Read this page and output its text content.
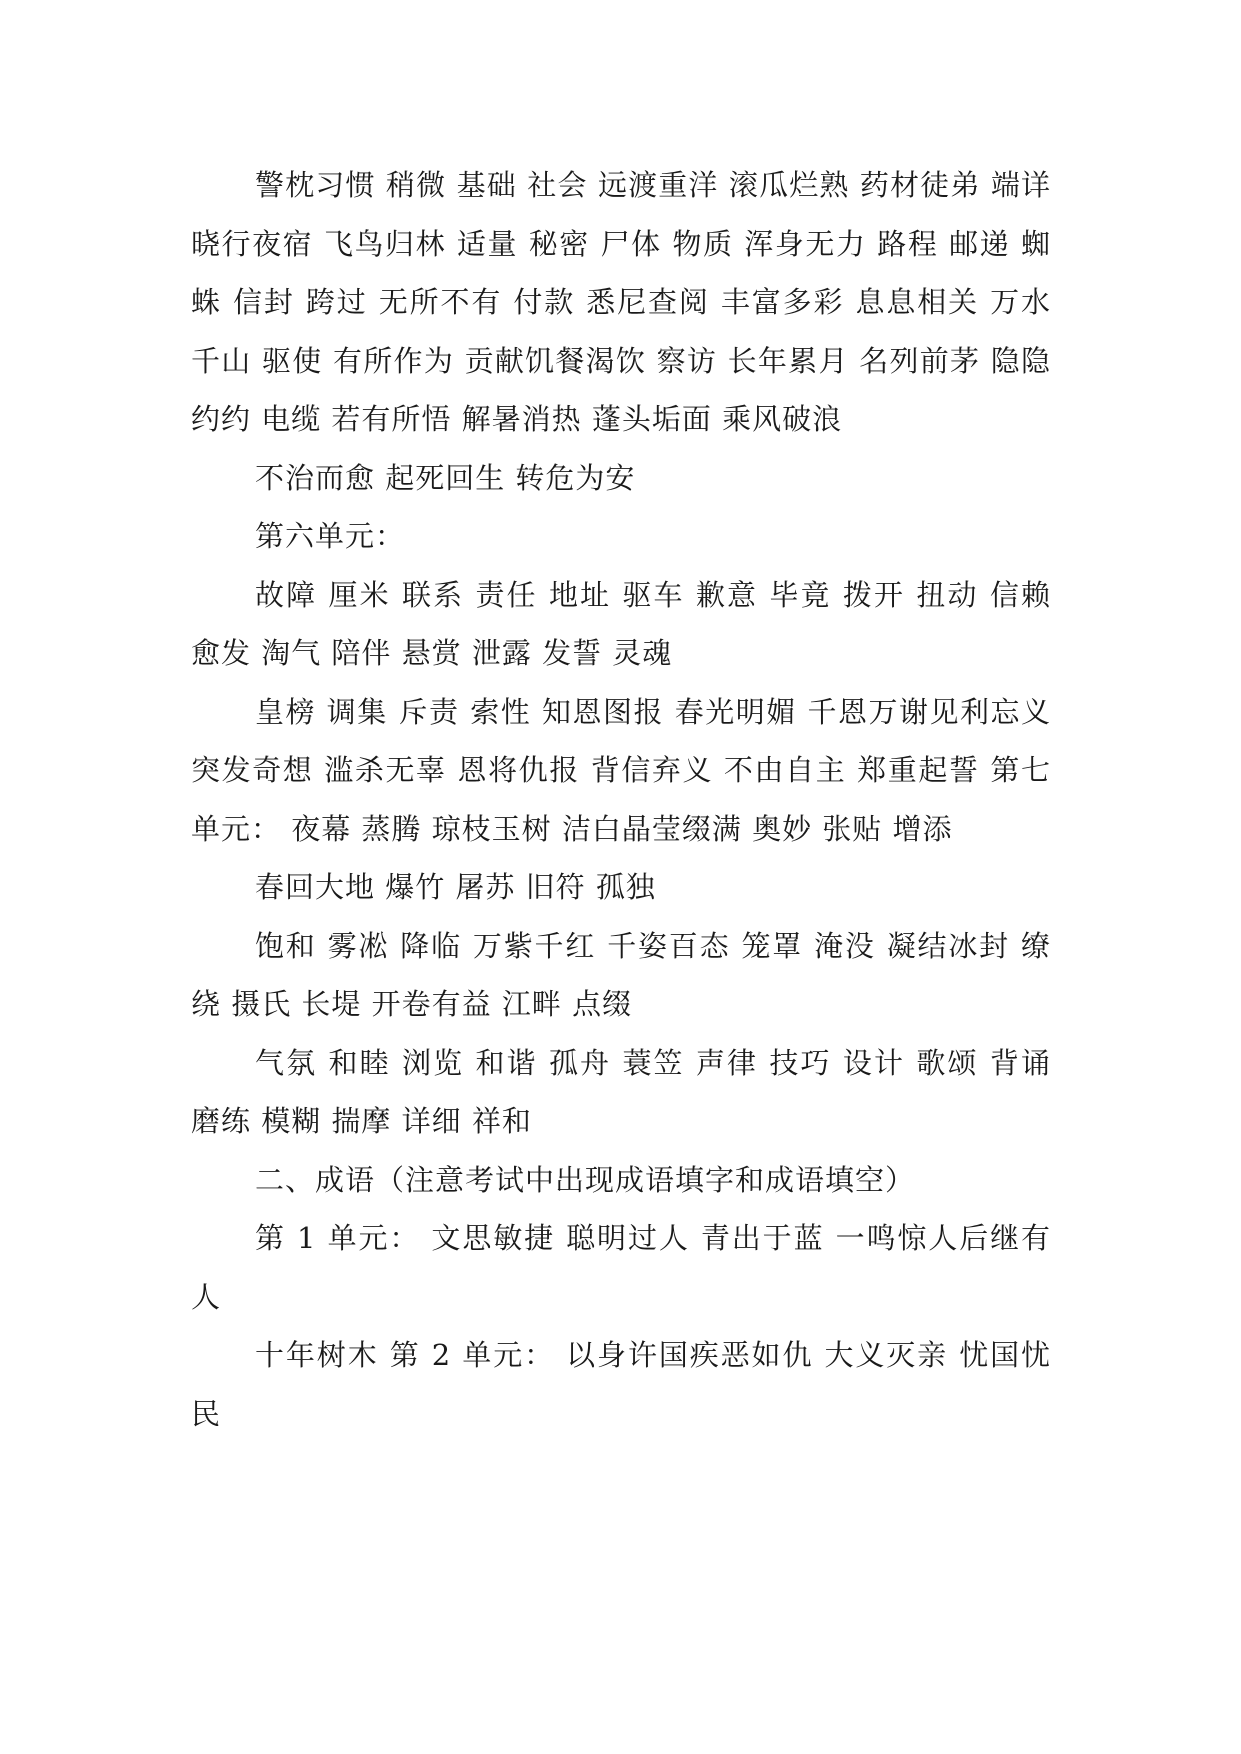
警枕习惯 稍微 基础 社会 远渡重洋 滚瓜烂熟 药材徒弟 端详 晓行夜宿 飞鸟归林 适量 秘密 尸体 物质 浑身无力 路程 邮递 蜘蛛 信封 跨过 无所不有 付款 悉尼查阅 丰富多彩 息息相关 万水千山 驱使 有所作为 贡献饥餐渴饮 察访 长年累月 名列前茅 隐隐约约 电缆 若有所悟 解暑消热 蓬头垢面 乘风破浪

不治而愈 起死回生 转危为安

第六单元：

故障 厘米 联系 责任 地址 驱车 歉意 毕竟 拨开 扭动 信赖 愈发 淘气 陪伴 悬赏 泄露 发誓 灵魂

皇榜 调集 斥责 索性 知恩图报 春光明媚 千恩万谢见利忘义 突发奇想 滥杀无辜 恩将仇报 背信弃义 不由自主 郑重起誓 第七单元： 夜幕 蒸腾 琼枝玉树 洁白晶莹缀满 奥妙 张贴 增添

春回大地 爆竹 屠苏 旧符 孤独

饱和 雾凇 降临 万紫千红 千姿百态 笼罩 淹没 凝结冰封 缭绕 摄氏 长堤 开卷有益 江畔 点缀

气氛 和睦 浏览 和谐 孤舟 蓑笠 声律 技巧 设计 歌颂 背诵 磨练 模糊 揣摩 详细 祥和

二、成语（注意考试中出现成语填字和成语填空）

第 1 单元： 文思敏捷 聪明过人 青出于蓝 一鸣惊人后继有人

十年树木 第 2 单元： 以身许国疾恶如仇 大义灭亲 忧国忧民
